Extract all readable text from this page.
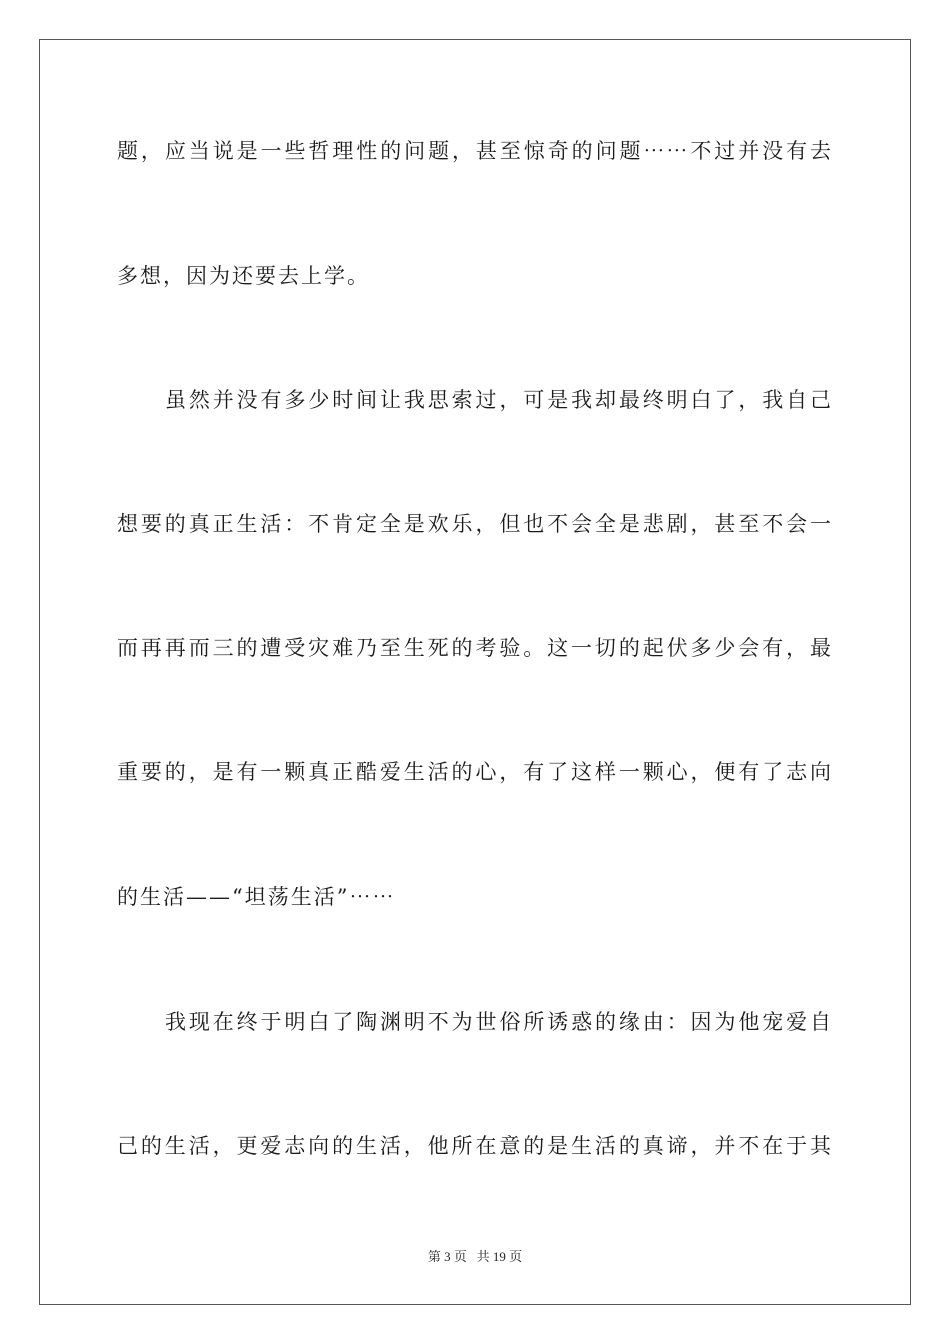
题，应当说是一些哲理性的问题，甚至惊奇的问题⋯⋯不过并没有去
多想，因为还要去上学。
虽然并没有多少时间让我思索过，可是我却最终明白了，我自己
想要的真正生活：不肯定全是欢乐，但也不会全是悲剧，甚至不会一
而再再而三的遭受灾难乃至生死的考验。这一切的起伏多少会有，最
重要的，是有一颗真正酷爱生活的心，有了这样一颗心，便有了志向
的生活——“坦荡生活”⋯⋯
我现在终于明白了陶渊明不为世俗所诱惑的缘由：因为他宠爱自
己的生活，更爱志向的生活，他所在意的是生活的真谛，并不在于其
第 3 页 共 19 页
